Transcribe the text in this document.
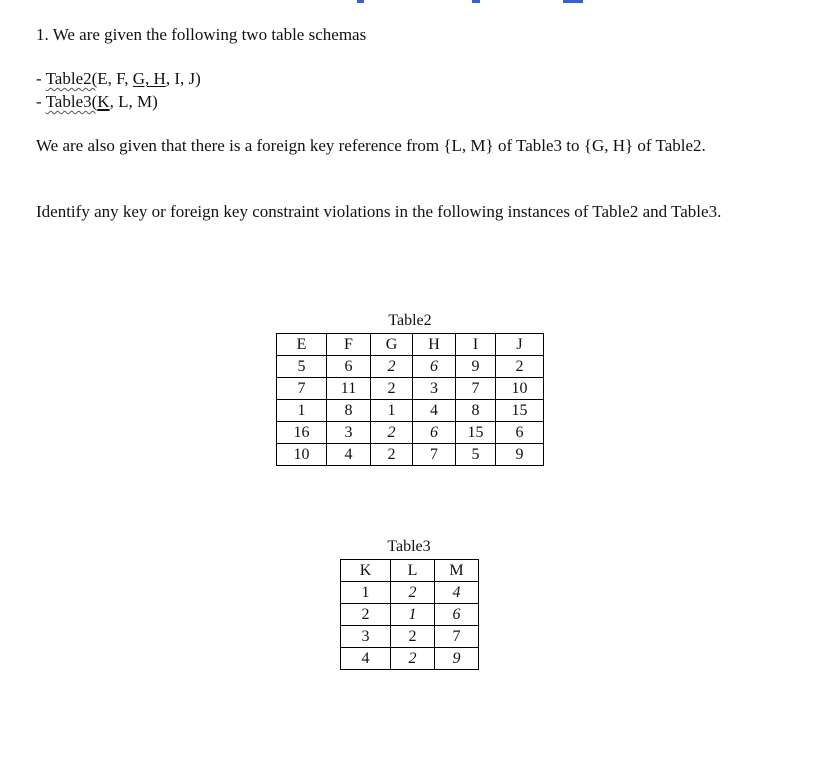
1. We are given the following two table schemas

- Table2(E, F, G, H, I, J)

- Table3(K, L, M)

We are also given that there is a foreign key reference from {L, M} of Table3 to {G, H} of Table2.

Identify any key or foreign key constraint violations in the following instances of Table2 and Table3.

Table2
E	F	G	H	I	J
5	6	2	6	9	2
7	11	2	3	7	10
1	8	1	4	8	15
16	3	2	6	15	6
10	4	2	7	5	9
Table3
K	L	M
1	2	4
2	1	6
3	2	7
4	2	9
